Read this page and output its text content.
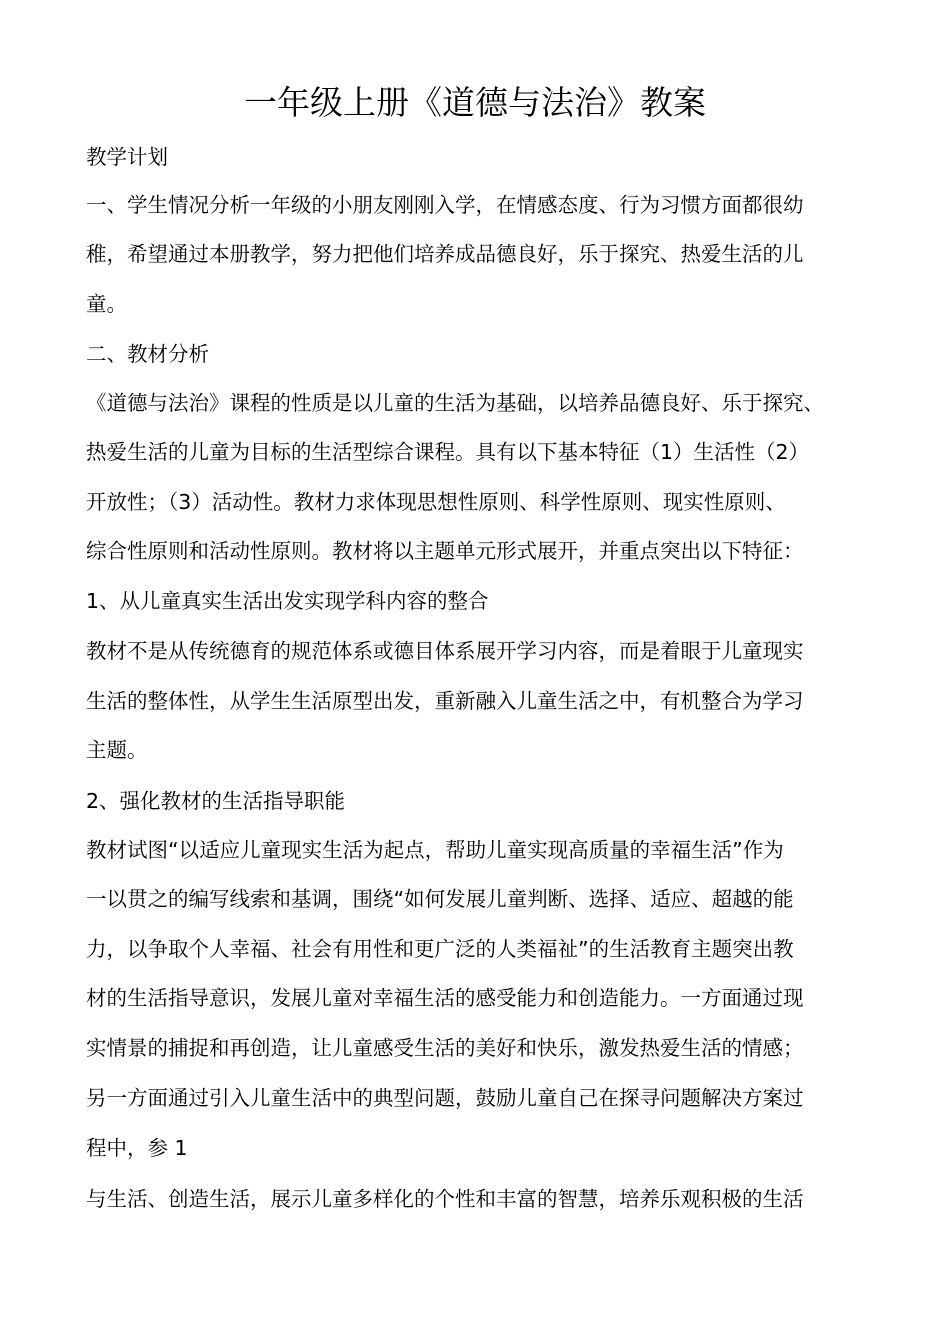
一年级上册《道德与法治》教案
教学计划
一、学生情况分析一年级的小朋友刚刚入学，在情感态度、行为习惯方面都很幼
稚，希望通过本册教学，努力把他们培养成品德良好，乐于探究、热爱生活的儿
童。
二、教材分析
《道德与法治》课程的性质是以儿童的生活为基础，以培养品德良好、乐于探究、
热爱生活的儿童为目标的生活型综合课程。具有以下基本特征（1）生活性（2）
开放性；（3）活动性。教材力求体现思想性原则、科学性原则、现实性原则、
综合性原则和活动性原则。教材将以主题单元形式展开，并重点突出以下特征：
1、从儿童真实生活出发实现学科内容的整合
教材不是从传统德育的规范体系或德目体系展开学习内容，而是着眼于儿童现实
生活的整体性，从学生生活原型出发，重新融入儿童生活之中，有机整合为学习
主题。
2、强化教材的生活指导职能
教材试图“以适应儿童现实生活为起点，帮助儿童实现高质量的幸福生活”作为
一以贯之的编写线索和基调，围绕“如何发展儿童判断、选择、适应、超越的能
力，以争取个人幸福、社会有用性和更广泛的人类福祉”的生活教育主题突出教
材的生活指导意识，发展儿童对幸福生活的感受能力和创造能力。一方面通过现
实情景的捕捉和再创造，让儿童感受生活的美好和快乐，激发热爱生活的情感；
另一方面通过引入儿童生活中的典型问题，鼓励儿童自己在探寻问题解决方案过
程中，参 1
与生活、创造生活，展示儿童多样化的个性和丰富的智慧，培养乐观积极的生活
